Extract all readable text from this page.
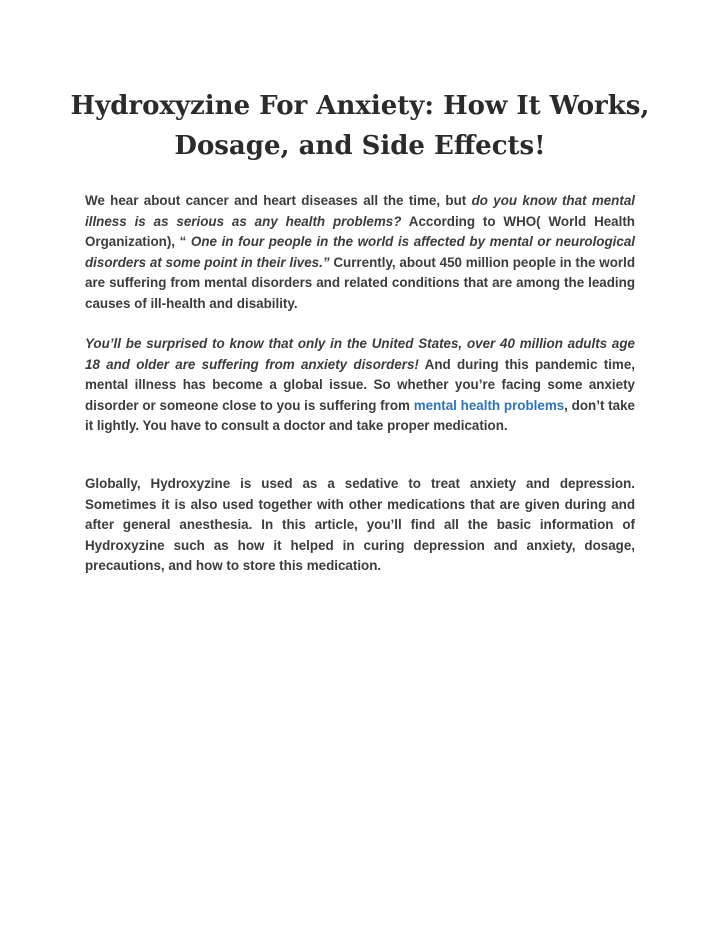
Hydroxyzine For Anxiety: How It Works, Dosage, and Side Effects!

We hear about cancer and heart diseases all the time, but do you know that mental illness is as serious as any health problems? According to WHO( World Health Organization), “ One in four people in the world is affected by mental or neurological disorders at some point in their lives.” Currently, about 450 million people in the world are suffering from mental disorders and related conditions that are among the leading causes of ill-health and disability.

You’ll be surprised to know that only in the United States, over 40 million adults age 18 and older are suffering from anxiety disorders! And during this pandemic time, mental illness has become a global issue. So whether you’re facing some anxiety disorder or someone close to you is suffering from mental health problems, don’t take it lightly. You have to consult a doctor and take proper medication.

Globally, Hydroxyzine is used as a sedative to treat anxiety and depression. Sometimes it is also used together with other medications that are given during and after general anesthesia. In this article, you’ll find all the basic information of Hydroxyzine such as how it helped in curing depression and anxiety, dosage, precautions, and how to store this medication.
